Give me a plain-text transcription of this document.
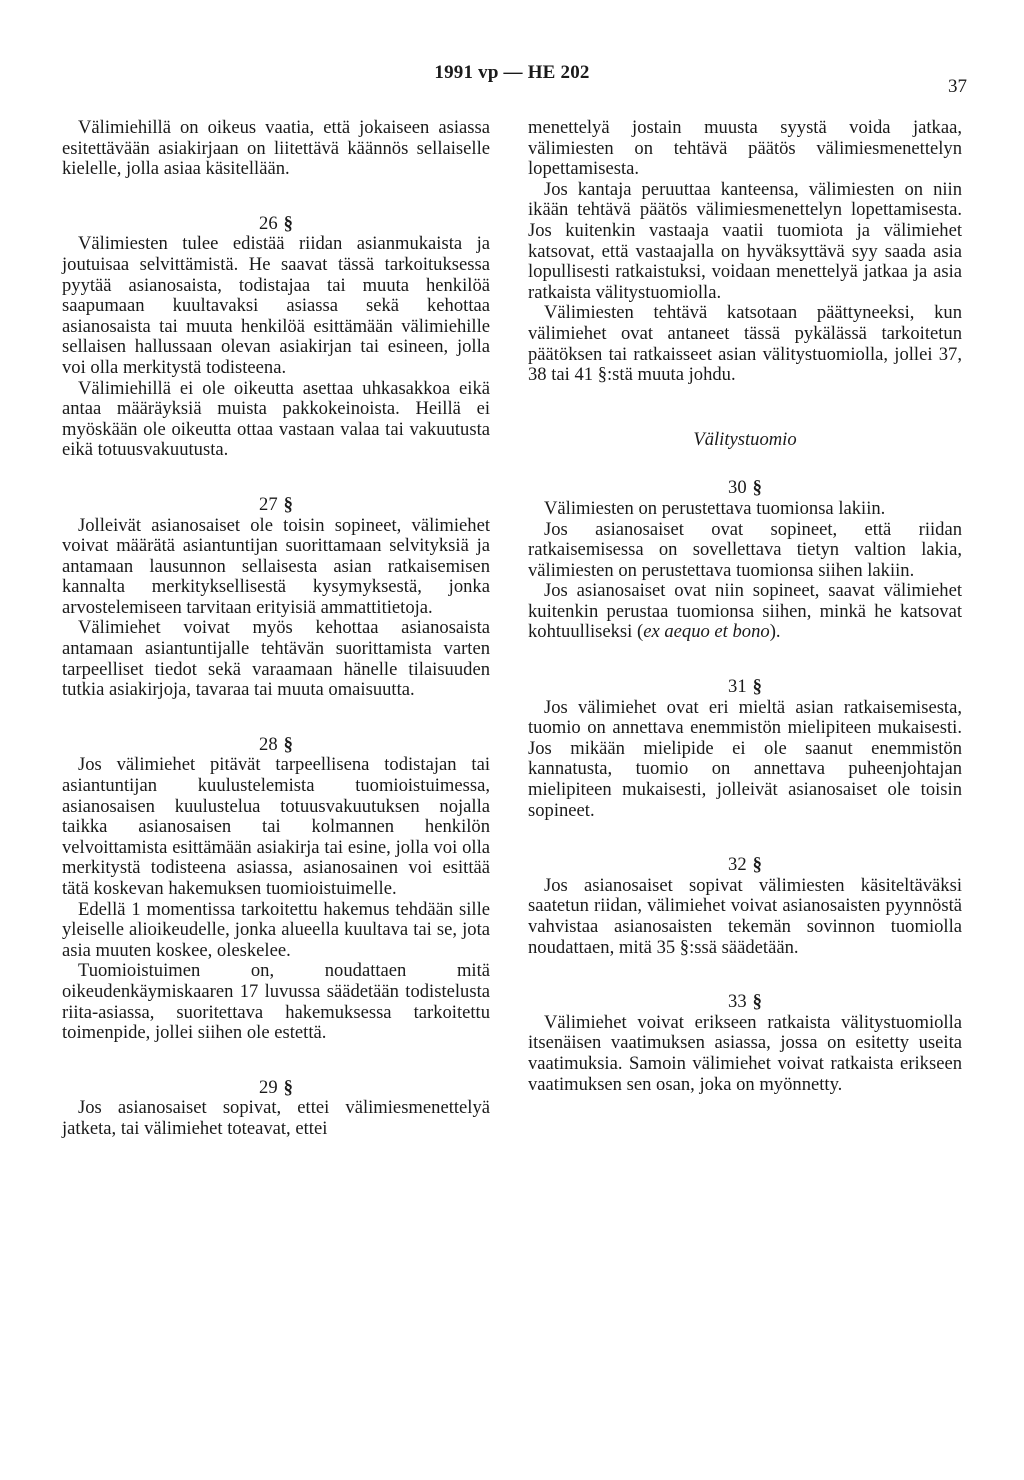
1991 vp — HE 202
37

Välimiehillä on oikeus vaatia, että jokaiseen asiassa esitettävään asiakirjaan on liitettävä käännös sellaiselle kielelle, jolla asiaa käsitellään.

26 §

Välimiesten tulee edistää riidan asianmukaista ja joutuisaa selvittämistä. He saavat tässä tarkoituksessa pyytää asianosaista, todistajaa tai muuta henkilöä saapumaan kuultavaksi asiassa sekä kehottaa asianosaista tai muuta henkilöä esittämään välimiehille sellaisen hallussaan olevan asiakirjan tai esineen, jolla voi olla merkitystä todisteena.

Välimiehillä ei ole oikeutta asettaa uhkasakkoa eikä antaa määräyksiä muista pakkokeinoista. Heillä ei myöskään ole oikeutta ottaa vastaan valaa tai vakuutusta eikä totuusvakuutusta.

27 §

Jolleivät asianosaiset ole toisin sopineet, välimiehet voivat määrätä asiantuntijan suorittamaan selvityksiä ja antamaan lausunnon sellaisesta asian ratkaisemisen kannalta merkityksellisestä kysymyksestä, jonka arvostelemiseen tarvitaan erityisiä ammattitietoja.

Välimiehet voivat myös kehottaa asianosaista antamaan asiantuntijalle tehtävän suorittamista varten tarpeelliset tiedot sekä varaamaan hänelle tilaisuuden tutkia asiakirjoja, tavaraa tai muuta omaisuutta.

28 §

Jos välimiehet pitävät tarpeellisena todistajan tai asiantuntijan kuulustelemista tuomioistuimessa, asianosaisen kuulustelua totuusvakuutuksen nojalla taikka asianosaisen tai kolmannen henkilön velvoittamista esittämään asiakirja tai esine, jolla voi olla merkitystä todisteena asiassa, asianosainen voi esittää tätä koskevan hakemuksen tuomioistuimelle.

Edellä 1 momentissa tarkoitettu hakemus tehdään sille yleiselle alioikeudelle, jonka alueella kuultava tai se, jota asia muuten koskee, oleskelee.

Tuomioistuimen on, noudattaen mitä oikeudenkäymiskaaren 17 luvussa säädetään todistelusta riita-asiassa, suoritettava hakemuksessa tarkoitettu toimenpide, jollei siihen ole estettä.

29 §

Jos asianosaiset sopivat, ettei välimiesmenettelyä jatketa, tai välimiehet toteavat, ettei

menettelyä jostain muusta syystä voida jatkaa, välimiesten on tehtävä päätös välimiesmenettelyn lopettamisesta.

Jos kantaja peruuttaa kanteensa, välimiesten on niin ikään tehtävä päätös välimiesmenettelyn lopettamisesta. Jos kuitenkin vastaaja vaatii tuomiota ja välimiehet katsovat, että vastaajalla on hyväksyttävä syy saada asia lopullisesti ratkaistuksi, voidaan menettelyä jatkaa ja asia ratkaista välitystuomiolla.

Välimiesten tehtävä katsotaan päättyneeksi, kun välimiehet ovat antaneet tässä pykälässä tarkoitetun päätöksen tai ratkaisseet asian välitystuomiolla, jollei 37, 38 tai 41 §:stä muuta johdu.

Välitystuomio

30 §

Välimiesten on perustettava tuomionsa lakiin.

Jos asianosaiset ovat sopineet, että riidan ratkaisemisessa on sovellettava tietyn valtion lakia, välimiesten on perustettava tuomionsa siihen lakiin.

Jos asianosaiset ovat niin sopineet, saavat välimiehet kuitenkin perustaa tuomionsa siihen, minkä he katsovat kohtuulliseksi (ex aequo et bono).

31 §

Jos välimiehet ovat eri mieltä asian ratkaisemisesta, tuomio on annettava enemmistön mielipiteen mukaisesti. Jos mikään mielipide ei ole saanut enemmistön kannatusta, tuomio on annettava puheenjohtajan mielipiteen mukaisesti, jolleivät asianosaiset ole toisin sopineet.

32 §

Jos asianosaiset sopivat välimiesten käsiteltäväksi saatetun riidan, välimiehet voivat asianosaisten pyynnöstä vahvistaa asianosaisten tekemän sovinnon tuomiolla noudattaen, mitä 35 §:ssä säädetään.

33 §

Välimiehet voivat erikseen ratkaista välitystuomiolla itsenäisen vaatimuksen asiassa, jossa on esitetty useita vaatimuksia. Samoin välimiehet voivat ratkaista erikseen vaatimuksen sen osan, joka on myönnetty.
